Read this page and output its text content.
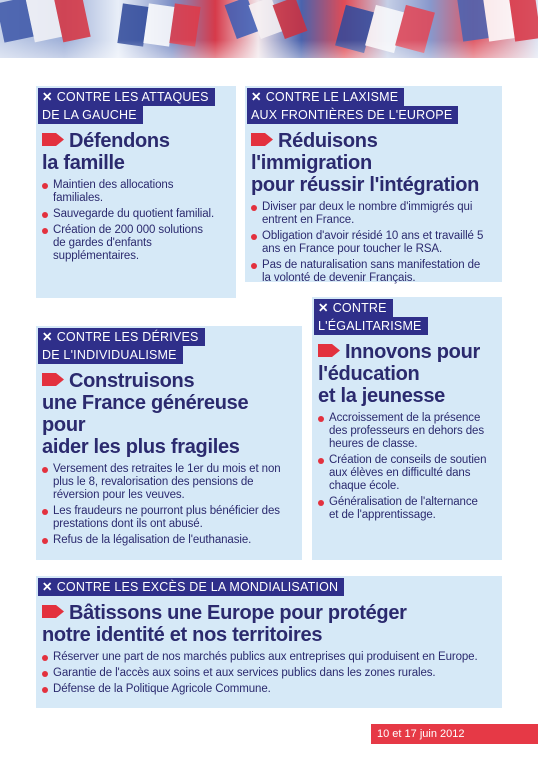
✕ CONTRE LES ATTAQUES
DE LA GAUCHE
Défendons
la famille
Maintien des allocations familiales.
Sauvegarde du quotient familial.
Création de 200 000 solutions de gardes d'enfants supplémentaires.
✕ CONTRE LE LAXISME
AUX FRONTIÈRES DE L'EUROPE
Réduisons l'immigration
pour réussir l'intégration
Diviser par deux le nombre d'immigrés qui entrent en France.
Obligation d'avoir résidé 10 ans et travaillé 5 ans en France pour toucher le RSA.
Pas de naturalisation sans manifestation de la volonté de devenir Français.
✕ CONTRE LES DÉRIVES
DE L'INDIVIDUALISME
Construisons
une France généreuse pour
aider les plus fragiles
Versement des retraites le 1er du mois et non plus le 8, revalorisation des pensions de réversion pour les veuves.
Les fraudeurs ne pourront plus bénéficier des prestations dont ils ont abusé.
Refus de la légalisation de l'euthanasie.
✕ CONTRE
L'ÉGALITARISME
Innovons pour
l'éducation
et la jeunesse
Accroissement de la présence des professeurs en dehors des heures de classe.
Création de conseils de soutien aux élèves en difficulté dans chaque école.
Généralisation de l'alternance et de l'apprentissage.
✕ CONTRE LES EXCÈS DE LA MONDIALISATION
Bâtissons une Europe pour protéger
notre identité et nos territoires
Réserver une part de nos marchés publics aux entreprises qui produisent en Europe.
Garantie de l'accès aux soins et aux services publics dans les zones rurales.
Défense de la Politique Agricole Commune.
10 et 17 juin 2012
